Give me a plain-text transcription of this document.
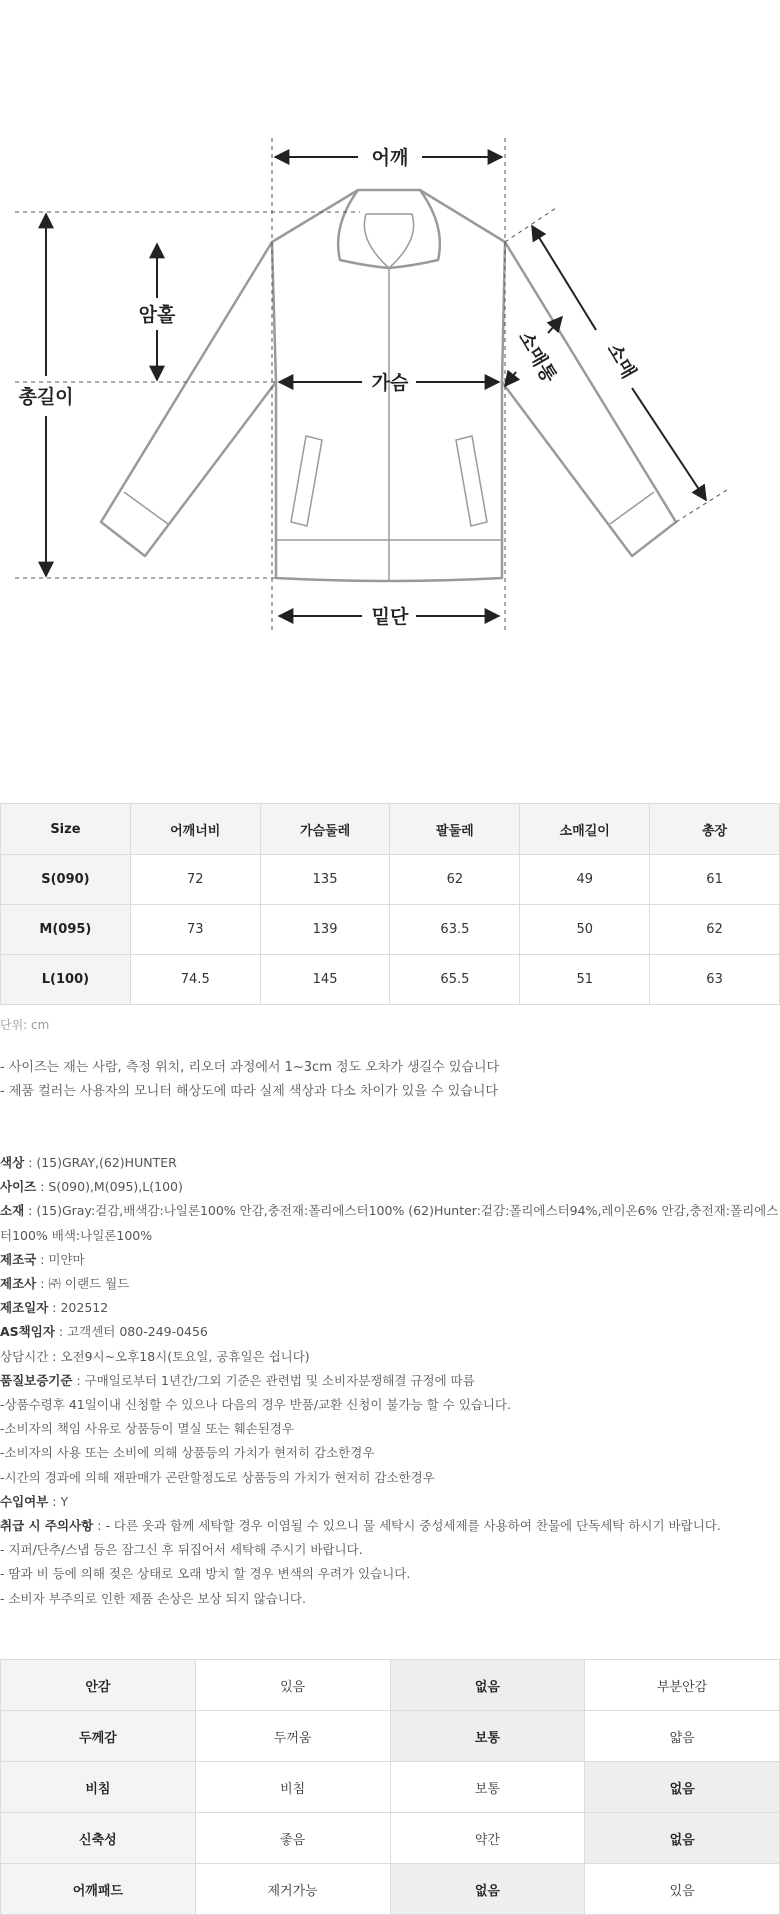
어깨
암홀
총길이
가슴
밑단
소매통 소매
Size	어깨너비	가슴둘레	팔둘레	소매길이	총장
S(090)	72	135	62	49	61
M(095)	73	139	63.5	50	62
L(100)	74.5	145	65.5	51	63
단위: cm

- 사이즈는 재는 사람, 측정 위치, 리오더 과정에서 1~3cm 정도 오차가 생길수 있습니다

- 제품 컬러는 사용자의 모니터 해상도에 따라 실제 색상과 다소 차이가 있을 수 있습니다

색상 : (15)GRAY,(62)HUNTER

사이즈 : S(090),M(095),L(100)

소재 : (15)Gray:겉감,배색감:나일론100% 안감,충전재:폴리에스터100% (62)Hunter:겉감:폴리에스터94%,레이온6% 안감,충전재:폴리에스터100% 배색:나일론100%

제조국 : 미얀마

제조사 : ㈜ 이랜드 월드

제조일자 : 202512

AS책임자 : 고객센터 080-249-0456

상담시간 : 오전9시~오후18시(토요일, 공휴일은 쉽니다)

품질보증기준 : 구매일로부터 1년간/그외 기준은 관련법 및 소비자분쟁해결 규정에 따름

-상품수령후 41일이내 신청할 수 있으나 다음의 경우 반품/교환 신청이 불가능 할 수 있습니다.

-소비자의 책임 사유로 상품등이 멸실 또는 훼손된경우

-소비자의 사용 또는 소비에 의해 상품등의 가치가 현저히 감소한경우

-시간의 경과에 의해 재판매가 곤란할정도로 상품등의 가치가 현저히 감소한경우

수입여부 : Y

취급 시 주의사항 : - 다른 옷과 함께 세탁할 경우 이염될 수 있으니 물 세탁시 중성세제를 사용하여 찬물에 단독세탁 하시기 바랍니다.

- 지퍼/단추/스냅 등은 잠그신 후 뒤집어서 세탁해 주시기 바랍니다.

- 땀과 비 등에 의해 젖은 상태로 오래 방치 할 경우 변색의 우려가 있습니다.

- 소비자 부주의로 인한 제품 손상은 보상 되지 않습니다.

안감	있음	없음	부분안감
두께감	두꺼움	보통	얇음
비침	비침	보통	없음
신축성	좋음	약간	없음
어깨패드	제거가능	없음	있음
